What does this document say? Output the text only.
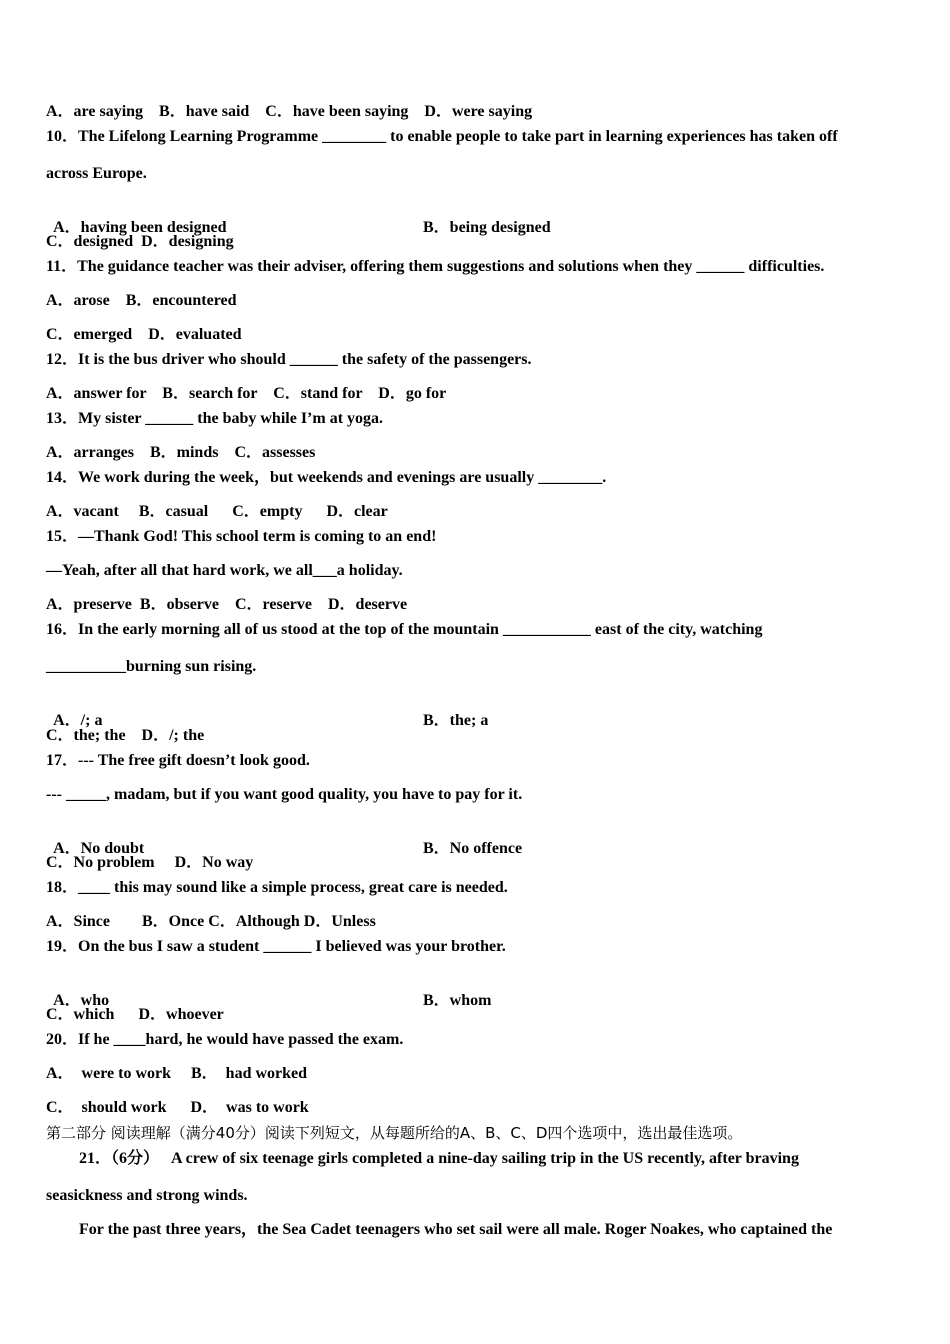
A．are saying    B．have said    C．have been saying    D．were saying
10．The Lifelong Learning Programme ________ to enable people to take part in learning experiences has taken off
across Europe.

A．having been designed	B．being designed

C．designed  D．designing
11．The guidance teacher was their adviser, offering them suggestions and solutions when they ______ difficulties.
A．arose    B．encountered
C．emerged    D．evaluated
12．It is the bus driver who should ______ the safety of the passengers.
A．answer for    B．search for    C．stand for    D．go for
13．My sister ______ the baby while I’m at yoga.
A．arranges    B．minds    C．assesses
14．We work during the week，but weekends and evenings are usually ________.
A．vacant     B．casual      C．empty      D．clear
15．—Thank God! This school term is coming to an end!
—Yeah, after all that hard work, we all___a holiday.
A．preserve  B．observe    C．reserve    D．deserve
16．In the early morning all of us stood at the top of the mountain ___________ east of the city, watching
__________burning sun rising.

A．/; a	B．the; a

C．the; the    D．/; the
17．--- The free gift doesn’t look good.
--- _____, madam, but if you want good quality, you have to pay for it.

A．No doubt	B．No offence

C．No problem     D．No way
18．____ this may sound like a simple process, great care is needed.
A．Since        B．Once C．Although D．Unless
19．On the bus I saw a student ______ I believed was your brother.

A．who	B．whom

C．which      D．whoever
20．If he ____hard, he would have passed the exam.
A．  were to work     B．  had worked
C．  should work      D．  was to work
第二部分 阅读理解（满分40分）阅读下列短文，从每题所给的A、B、C、D四个选项中，选出最佳选项。
21．（6分）   A crew of six teenage girls completed a nine-day sailing trip in the US recently, after braving
seasickness and strong winds.
For the past three years，the Sea Cadet teenagers who set sail were all male. Roger Noakes, who captained the
